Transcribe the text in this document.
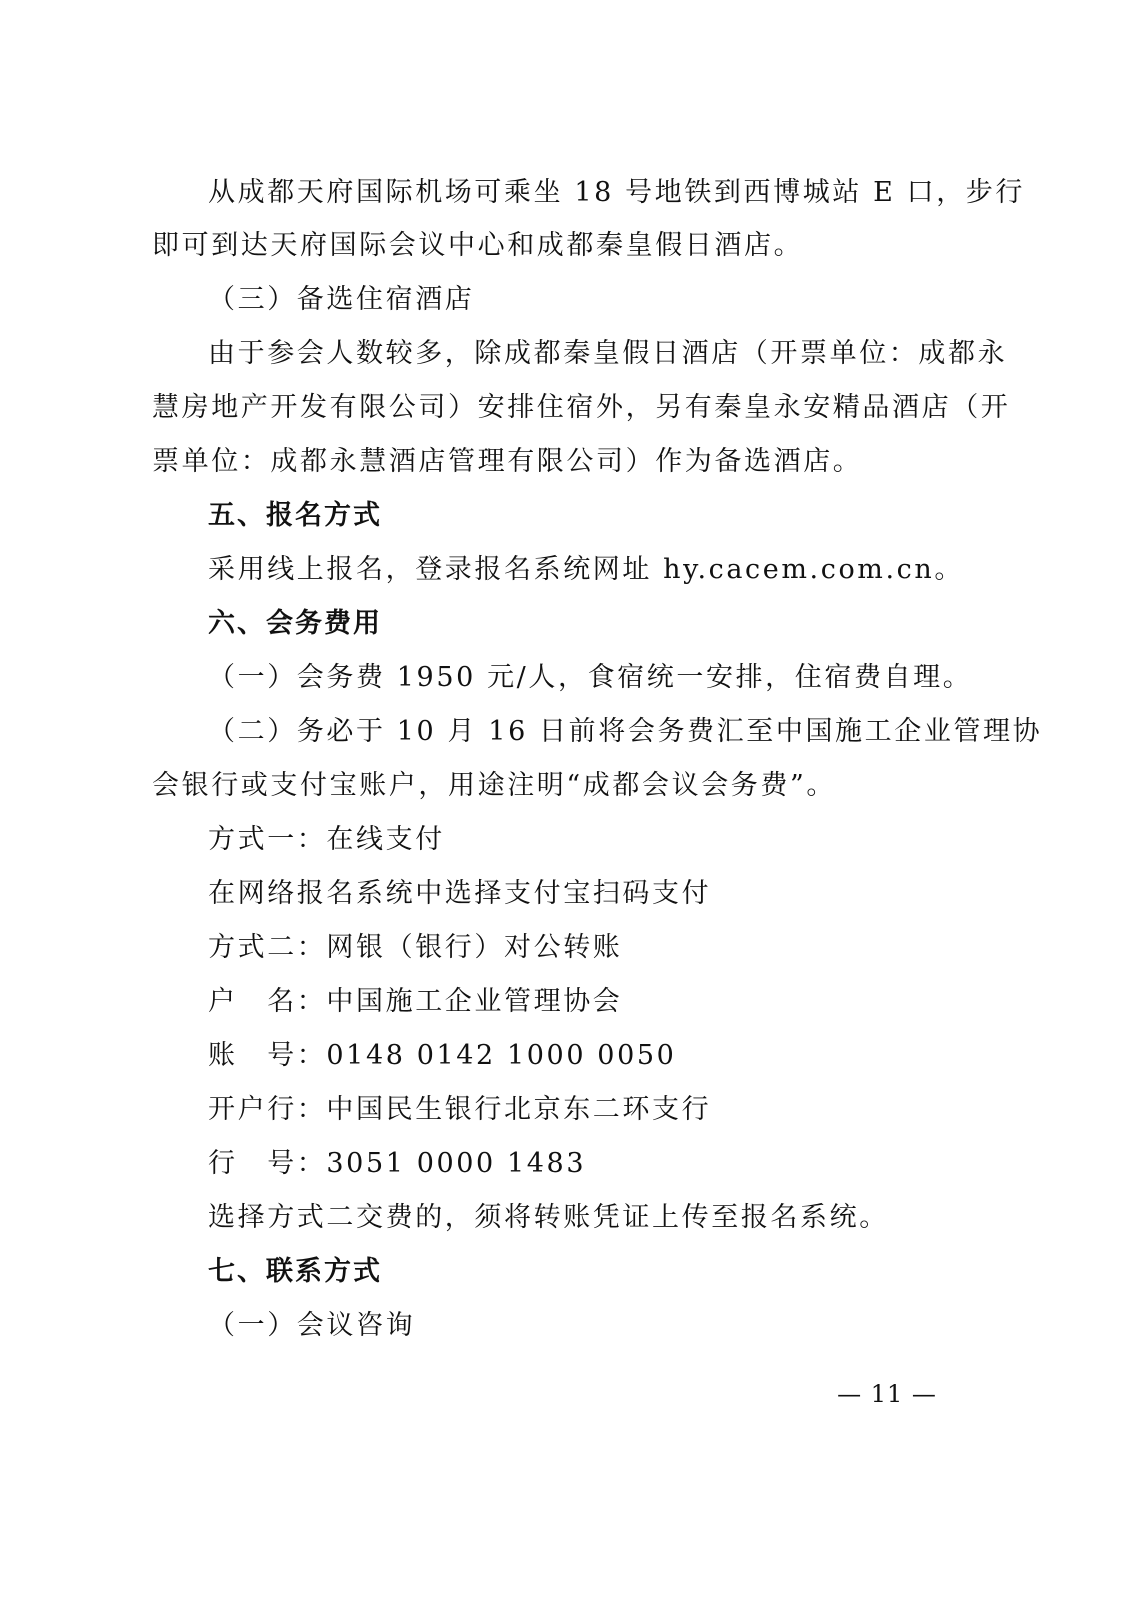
从成都天府国际机场可乘坐 18 号地铁到西博城站 E 口，步行
即可到达天府国际会议中心和成都秦皇假日酒店。
（三）备选住宿酒店
由于参会人数较多，除成都秦皇假日酒店（开票单位：成都永
慧房地产开发有限公司）安排住宿外，另有秦皇永安精品酒店（开
票单位：成都永慧酒店管理有限公司）作为备选酒店。
五、报名方式
采用线上报名，登录报名系统网址 hy.cacem.com.cn。
六、会务费用
（一）会务费 1950 元/人，食宿统一安排，住宿费自理。
（二）务必于 10 月 16 日前将会务费汇至中国施工企业管理协
会银行或支付宝账户，用途注明“成都会议会务费”。
方式一：在线支付
在网络报名系统中选择支付宝扫码支付
方式二：网银（银行）对公转账
户　名：中国施工企业管理协会
账　号：0148 0142 1000 0050
开户行：中国民生银行北京东二环支行
行　号：3051 0000 1483
选择方式二交费的，须将转账凭证上传至报名系统。
七、联系方式
（一）会议咨询
— 11 —
